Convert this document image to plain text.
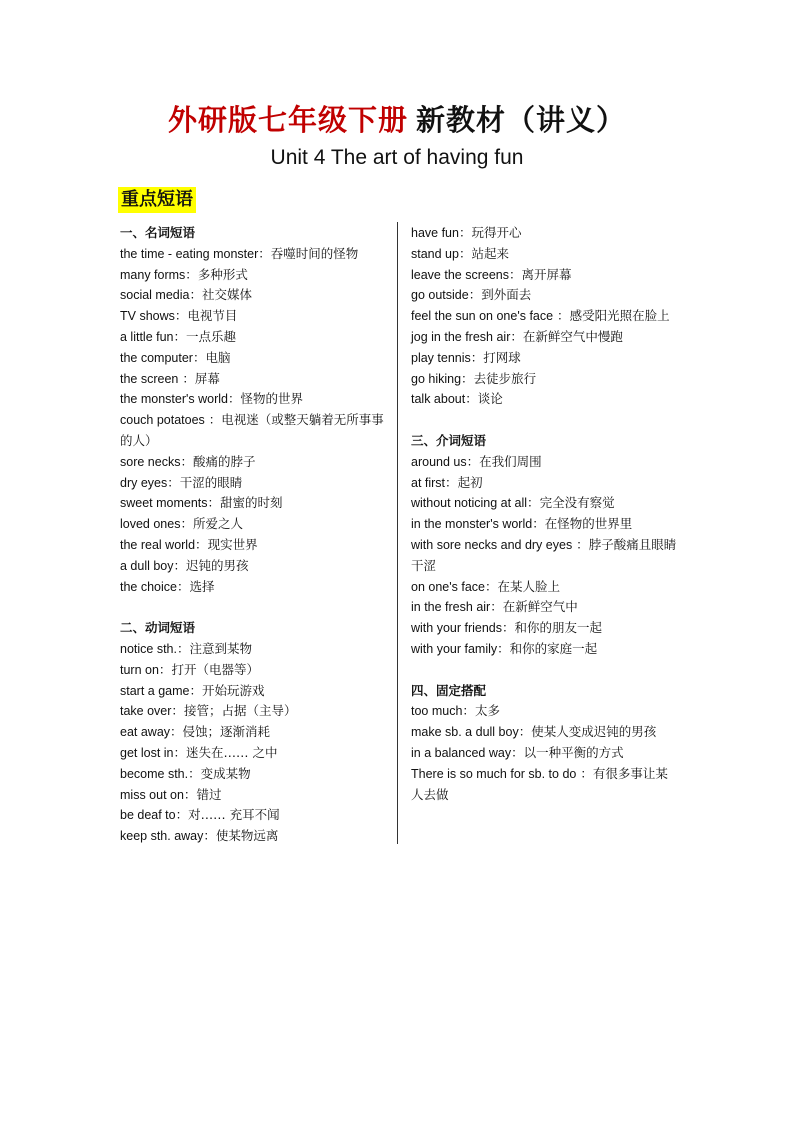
外研版七年级下册 新教材（讲义）
Unit 4 The art of having fun
重点短语
一、名词短语
the time - eating monster：吞噬时间的怪物
many forms：多种形式
social media：社交媒体
TV shows：电视节目
a little fun：一点乐趣
the computer：电脑
the screen ：屏幕
the monster's world：怪物的世界
couch potatoes ：电视迷（或整天躺着无所事事的人）
sore necks：酸痛的脖子
dry eyes：干涩的眼睛
sweet moments：甜蜜的时刻
loved ones：所爱之人
the real world：现实世界
a dull boy：迟钝的男孩
the choice：选择
二、动词短语
notice sth.：注意到某物
turn on：打开（电器等）
start a game：开始玩游戏
take over：接管；占据（主导）
eat away：侵蚀；逐渐消耗
get lost in：迷失在…… 之中
become sth.：变成某物
miss out on：错过
be deaf to：对…… 充耳不闻
keep sth. away：使某物远离
have fun：玩得开心
stand up：站起来
leave the screens：离开屏幕
go outside：到外面去
feel the sun on one's face ：感受阳光照在脸上
jog in the fresh air：在新鲜空气中慢跑
play tennis：打网球
go hiking：去徒步旅行
talk about：谈论
三、介词短语
around us：在我们周围
at first：起初
without noticing at all：完全没有察觉
in the monster's world：在怪物的世界里
with sore necks and dry eyes ：脖子酸痛且眼睛干涩
on one's face：在某人脸上
in the fresh air：在新鲜空气中
with your friends：和你的朋友一起
with your family：和你的家庭一起
四、固定搭配
too much：太多
make sb. a dull boy：使某人变成迟钝的男孩
in a balanced way：以一种平衡的方式
There is so much for sb. to do ：有很多事让某人去做
